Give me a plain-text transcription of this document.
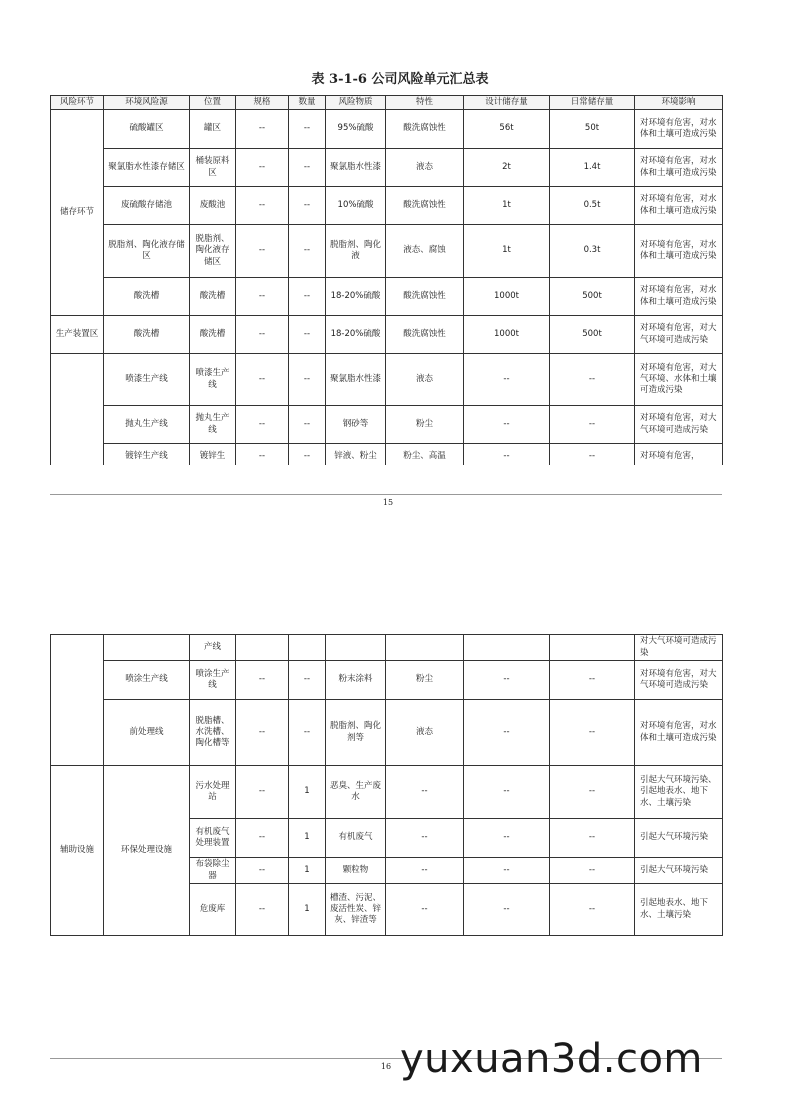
表 3-1-6 公司风险单元汇总表
风险环节	环境风险源	位置	规格	数量	风险物质	特性	设计储存量	日常储存量	环境影响
储存环节	硫酸罐区	罐区	--	--	95%硫酸	酸洗腐蚀性	56t	50t	对环境有危害，对水体和土壤可造成污染
	聚氯脂水性漆存储区	桶装原料区	--	--	聚氯脂水性漆	液态	2t	1.4t	对环境有危害，对水体和土壤可造成污染
	废硫酸存储池	废酸池	--	--	10%硫酸	酸洗腐蚀性	1t	0.5t	对环境有危害，对水体和土壤可造成污染
	脱脂剂、陶化液存储区	脱脂剂、陶化液存储区	--	--	脱脂剂、陶化液	液态、腐蚀	1t	0.3t	对环境有危害，对水体和土壤可造成污染
	酸洗槽	酸洗槽	--	--	18-20%硫酸	酸洗腐蚀性	1000t	500t	对环境有危害，对水体和土壤可造成污染
生产装置区	酸洗槽	酸洗槽	--	--	18-20%硫酸	酸洗腐蚀性	1000t	500t	对环境有危害，对大气环境可造成污染
	喷漆生产线	喷漆生产线	--	--	聚氯脂水性漆	液态	--	--	对环境有危害，对大气环境、水体和土壤可造成污染
	抛丸生产线	抛丸生产线	--	--	钢砂等	粉尘	--	--	对环境有危害，对大气环境可造成污染
	镀锌生产线	镀锌生	--	--	锌液、粉尘	粉尘、高温	--	--	对环境有危害，
15
		产线							对大气环境可造成污染
	喷涂生产线	喷涂生产线	--	--	粉末涂料	粉尘	--	--	对环境有危害，对大气环境可造成污染
	前处理线	脱脂槽、水洗槽、陶化槽等	--	--	脱脂剂、陶化剂等	液态	--	--	对环境有危害，对水体和土壤可造成污染
辅助设施	环保处理设施	污水处理站	--	1	恶臭、生产废水	--	--	--	引起大气环境污染、引起地表水、地下水、土壤污染
		有机废气处理装置	--	1	有机废气	--	--	--	引起大气环境污染
		布袋除尘器	--	1	颗粒物	--	--	--	引起大气环境污染
		危废库	--	1	槽渣、污泥、废活性炭、锌灰、锌渣等	--	--	--	引起地表水、地下水、土壤污染
16 yuxuan3d.com
